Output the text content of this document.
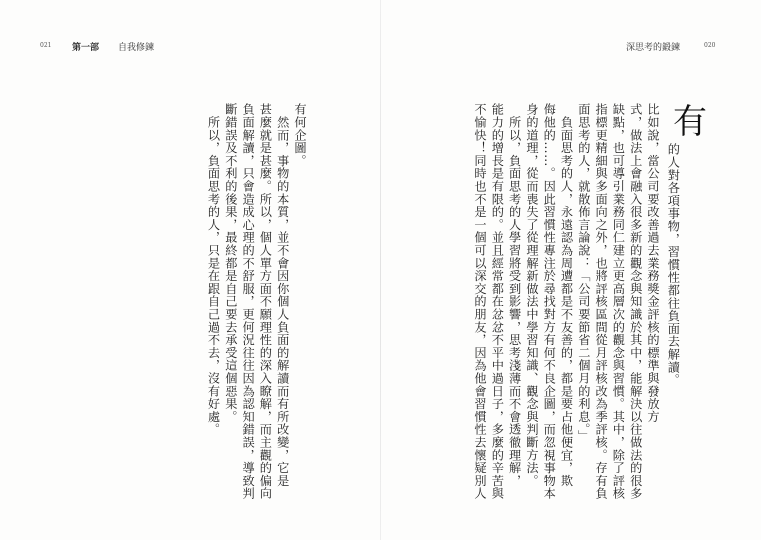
021 第一部 自我修鍊	深思考的鍛鍊	020
有
的人對各項事物，習慣性都往負面去解讀。
比如說，當公司要改善過去業務獎金評核的標準與發放方
式，做法上會融入很多新的觀念與知識於其中，能解決以往做法的很多
缺點，也可導引業務同仁建立更高層次的觀念與習慣。其中，除了評核
指標更精細與多面向之外，也將評核區間從月評核改為季評核。存有負
面思考的人，就散佈言論說：「公司要節省二個月的利息。」
　負面思考的人，永遠認為周遭都是不友善的，都是要占他便宜，欺
侮他的……。因此習慣性專注於尋找對方有何不良企圖，而忽視事物本
身的道理，從而喪失了從理解新做法中學習知識、觀念與判斷方法。
　所以，負面思考的人學習將受到影響，思考淺薄而不會透徹理解，
能力的增長是有限的。並且經常都在忿忿不平中過日子，多麼的辛苦與
不愉快！同時也不是一個可以深交的朋友，因為他會習慣性去懷疑別人
有何企圖。
　然而，事物的本質，並不會因你個人負面的解讀而有所改變，它是
甚麼就是甚麼。所以，個人單方面不願理性的深入瞭解，而主觀的偏向
負面解讀，只會造成心理的不舒服，更何況往往因為認知錯誤，導致判
斷錯誤及不利的後果，最終都是自己要去承受這個惡果。
　所以，負面思考的人，只是在跟自己過不去，沒有好處。
